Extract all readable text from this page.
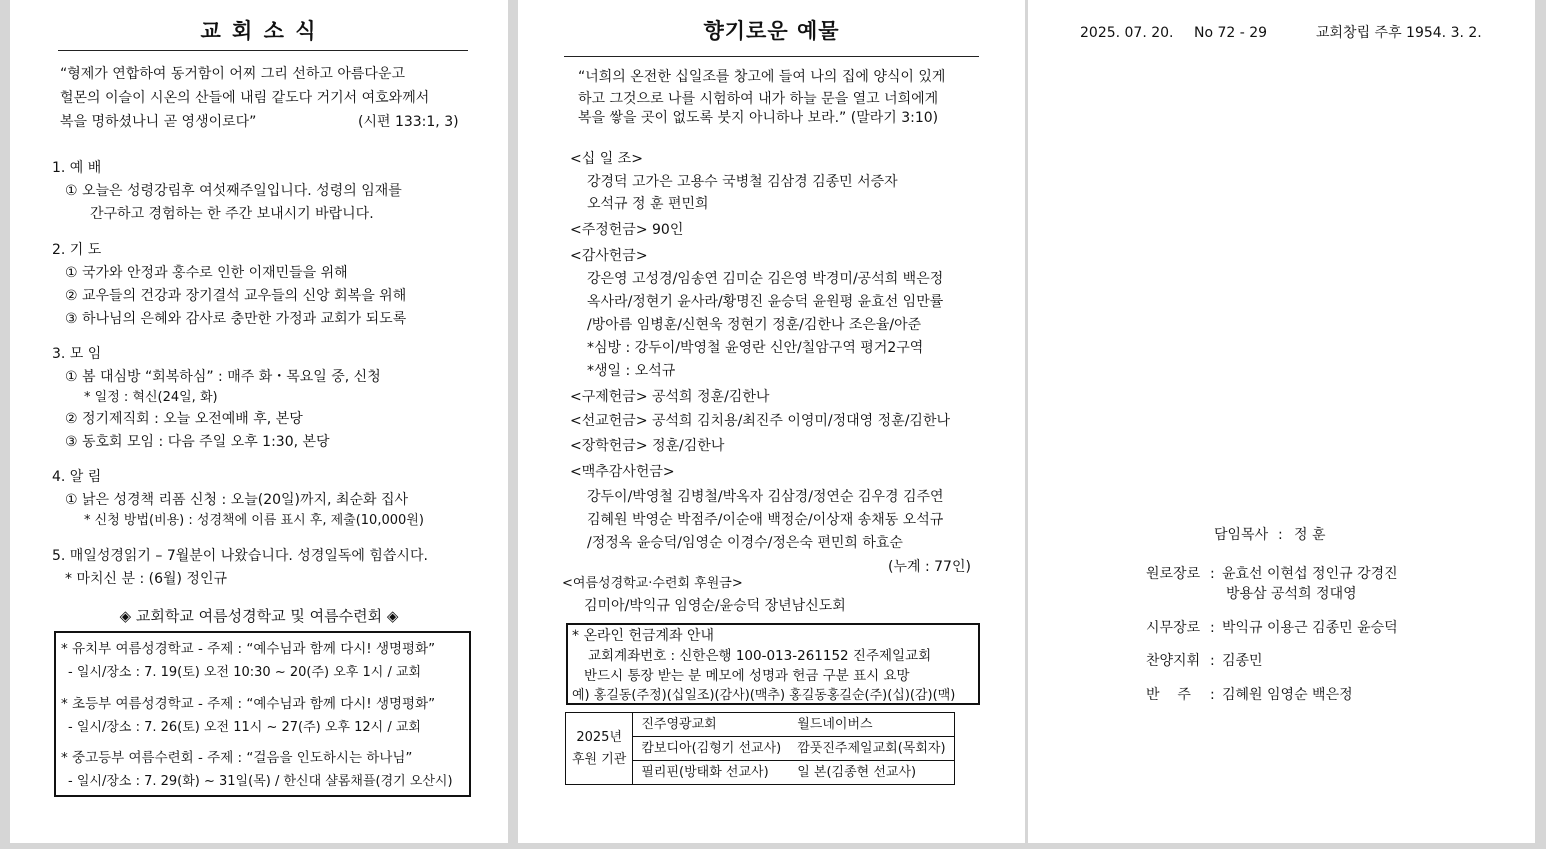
교 회 소 식
“형제가 연합하여 동거함이 어찌 그리 선하고 아름다운고
헐몬의 이슬이 시온의 산들에 내림 같도다 거기서 여호와께서
복을 명하셨나니 곧 영생이로다”	(시편 133:1, 3)
1. 예 배
① 오늘은 성령강림후 여섯째주일입니다. 성령의 임재를
간구하고 경험하는 한 주간 보내시기 바랍니다.
2. 기 도
① 국가와 안정과 홍수로 인한 이재민들을 위해
② 교우들의 건강과 장기결석 교우들의 신앙 회복을 위해
③ 하나님의 은혜와 감사로 충만한 가정과 교회가 되도록
3. 모 임
① 봄 대심방 “회복하심” : 매주 화・목요일 중, 신청
* 일정 : 혁신(24일, 화)
② 정기제직회 : 오늘 오전예배 후, 본당
③ 동호회 모임 : 다음 주일 오후 1:30, 본당
4. 알 림
① 낡은 성경책 리폼 신청 : 오늘(20일)까지, 최순화 집사
* 신청 방법(비용) : 성경책에 이름 표시 후, 제출(10,000원)
5. 매일성경읽기 – 7월분이 나왔습니다. 성경일독에 힘씁시다.
* 마치신 분 : (6월) 정인규
◈ 교회학교 여름성경학교 및 여름수련회 ◈
* 유치부 여름성경학교 - 주제 : “예수님과 함께 다시! 생명평화”
- 일시/장소 : 7. 19(토) 오전 10:30 ~ 20(주) 오후 1시 / 교회
* 초등부 여름성경학교 - 주제 : “예수님과 함께 다시! 생명평화”
- 일시/장소 : 7. 26(토) 오전 11시 ~ 27(주) 오후 12시 / 교회
* 중고등부 여름수련회 - 주제 : “걸음을 인도하시는 하나님”
- 일시/장소 : 7. 29(화) ~ 31일(목) / 한신대 샬롬채플(경기 오산시)
향기로운 예물
“너희의 온전한 십일조를 창고에 들여 나의 집에 양식이 있게
하고 그것으로 나를 시험하여 내가 하늘 문을 열고 너희에게
복을 쌓을 곳이 없도록 붓지 아니하나 보라.” (말라기 3:10)
<십 일 조>
강경덕 고가은 고용수 국병철 김삼경 김종민 서증자
오석규 정 훈 편민희
<주정헌금> 90인
<감사헌금>
강은영 고성경/임송연 김미순 김은영 박경미/공석희 백은정
옥사라/정현기 윤사라/황명진 윤승덕 윤원평 윤효선 임만률
/방아름 임병훈/신현욱 정현기 정훈/김한나 조은율/아준
*심방 : 강두이/박영철 윤영란 신안/칠암구역 평거2구역
*생일 : 오석규
<구제헌금> 공석희 정훈/김한나
<선교헌금> 공석희 김치용/최진주 이영미/정대영 정훈/김한나
<장학헌금> 정훈/김한나
<맥추감사헌금>
강두이/박영철 김병철/박옥자 김삼경/정연순 김우경 김주연
김혜원 박영순 박점주/이순애 백정순/이상재 송채동 오석규
/정정옥 윤승덕/임영순 이경수/정은숙 편민희 하효순
(누계 : 77인)
<여름성경학교·수련회 후원금>
김미아/박익규 임영순/윤승덕 장년남신도회
* 온라인 헌금계좌 안내
교회계좌번호 : 신한은행 100-013-261152 진주제일교회
반드시 통장 받는 분 메모에 성명과 헌금 구분 표시 요망
예) 홍길동(주정)(십일조)(감사)(맥추) 홍길동홍길순(주)(십)(감)(맥)
2025년
후원 기관	진주영광교회	월드네이버스
	캄보디아(김형기 선교사)	깜풋진주제일교회(목회자)
	필리핀(방태화 선교사)	일 본(김종현 선교사)
2025. 07. 20. No 72 - 29	교회창립 주후 1954. 3. 2.
담임목사 : 정 훈
원로장로 : 윤효선 이현섭 정인규 강경진
방용삼 공석희 정대영
시무장로 : 박익규 이용근 김종민 윤승덕
찬양지휘 : 김종민
반    주 : 김혜원 임영순 백은정
